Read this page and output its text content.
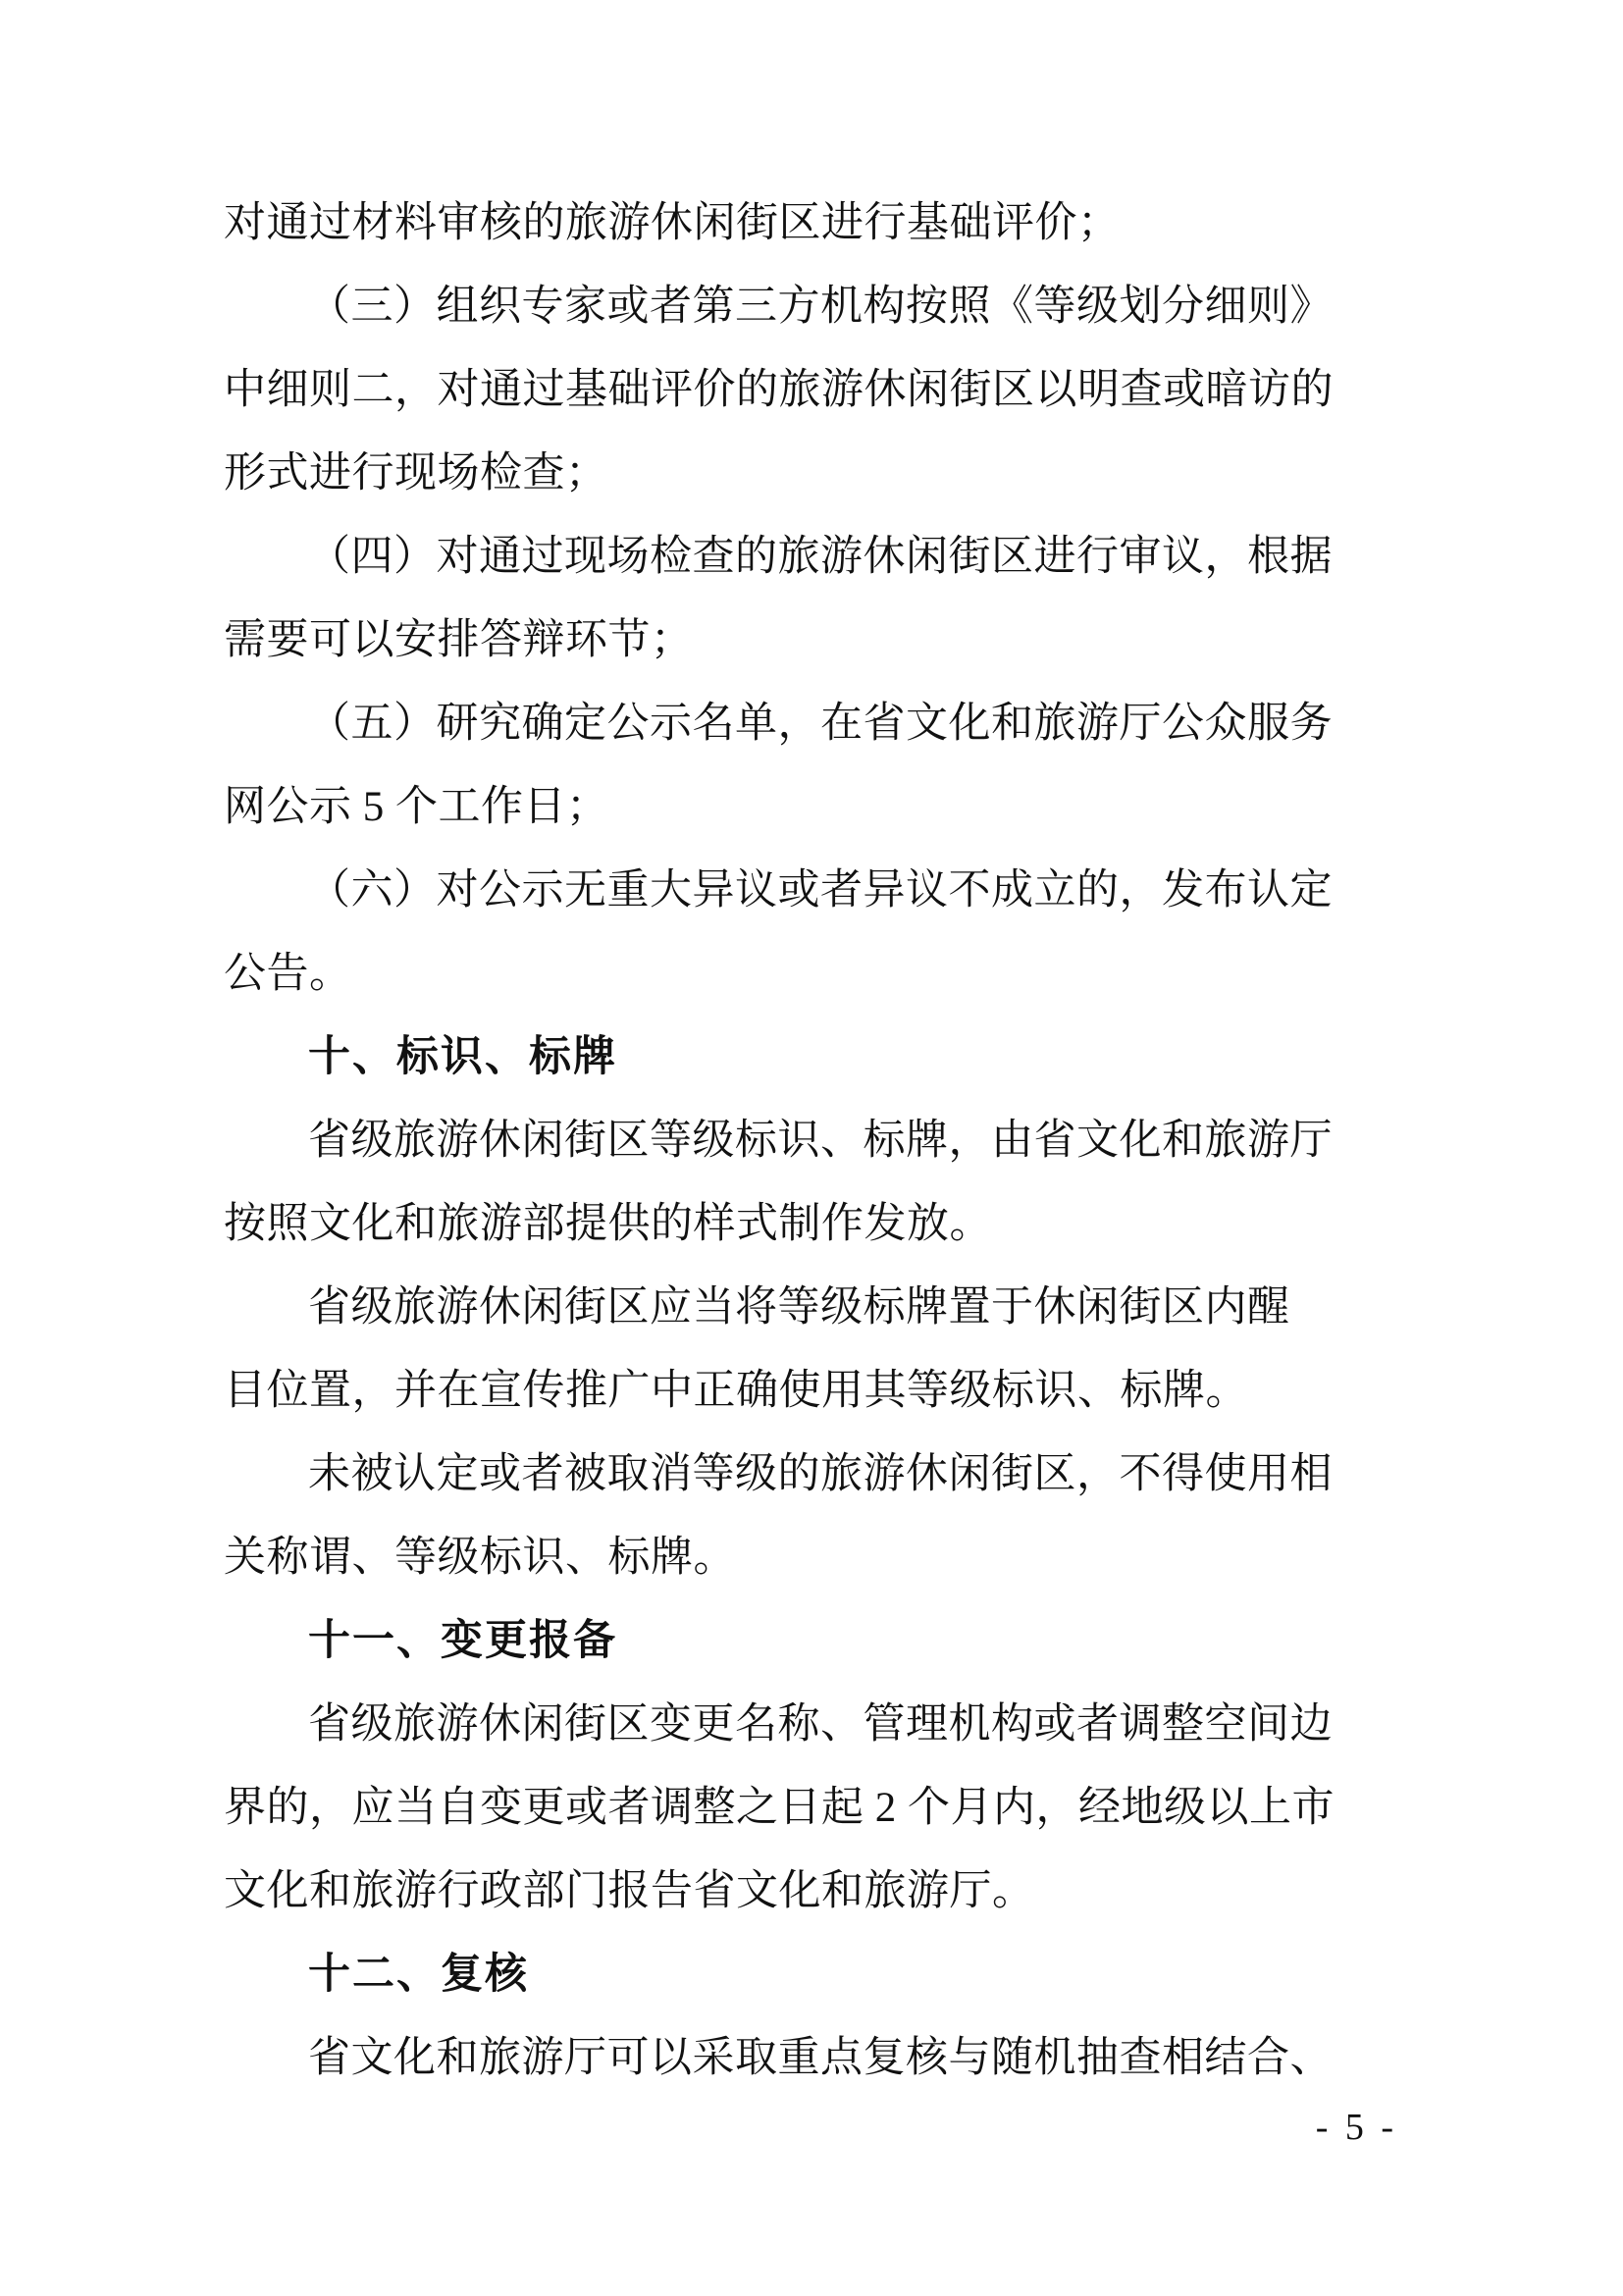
对通过材料审核的旅游休闲街区进行基础评价；

（三）组织专家或者第三方机构按照《等级划分细则》

中细则二，对通过基础评价的旅游休闲街区以明查或暗访的

形式进行现场检查；

（四）对通过现场检查的旅游休闲街区进行审议，根据

需要可以安排答辩环节；

（五）研究确定公示名单，在省文化和旅游厅公众服务

网公示 5 个工作日；

（六）对公示无重大异议或者异议不成立的，发布认定

公告。

十、标识、标牌

省级旅游休闲街区等级标识、标牌，由省文化和旅游厅

按照文化和旅游部提供的样式制作发放。

省级旅游休闲街区应当将等级标牌置于休闲街区内醒

目位置，并在宣传推广中正确使用其等级标识、标牌。

未被认定或者被取消等级的旅游休闲街区，不得使用相

关称谓、等级标识、标牌。

十一、变更报备

省级旅游休闲街区变更名称、管理机构或者调整空间边

界的，应当自变更或者调整之日起 2 个月内，经地级以上市

文化和旅游行政部门报告省文化和旅游厅。

十二、复核

省文化和旅游厅可以采取重点复核与随机抽查相结合、

- 5 -
